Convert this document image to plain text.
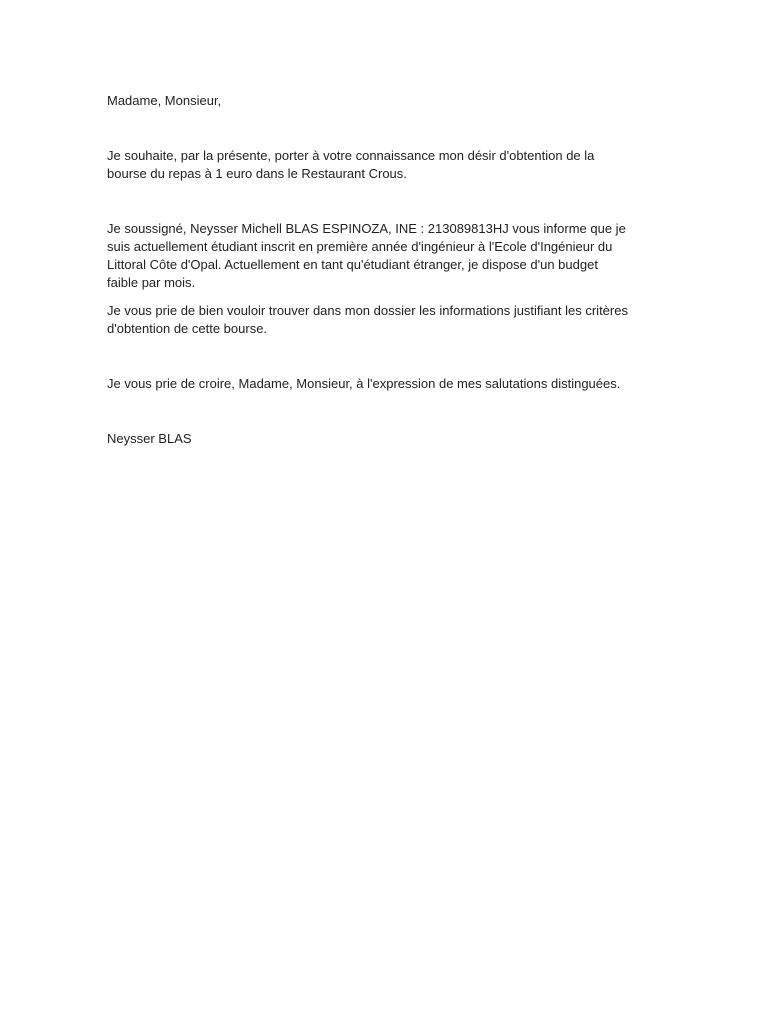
Madame, Monsieur,

Je souhaite, par la présente, porter à votre connaissance mon désir d'obtention de la

bourse du repas à 1 euro dans le Restaurant Crous.

Je soussigné, Neysser Michell BLAS ESPINOZA, INE : 213089813HJ vous informe que je

suis actuellement étudiant inscrit en première année d'ingénieur à l'Ecole d'Ingénieur du

Littoral Côte d'Opal. Actuellement en tant qu'étudiant étranger, je dispose d'un budget

faible par mois.

Je vous prie de bien vouloir trouver dans mon dossier les informations justifiant les critères

d'obtention de cette bourse.

Je vous prie de croire, Madame, Monsieur, à l'expression de mes salutations distinguées.

Neysser BLAS
